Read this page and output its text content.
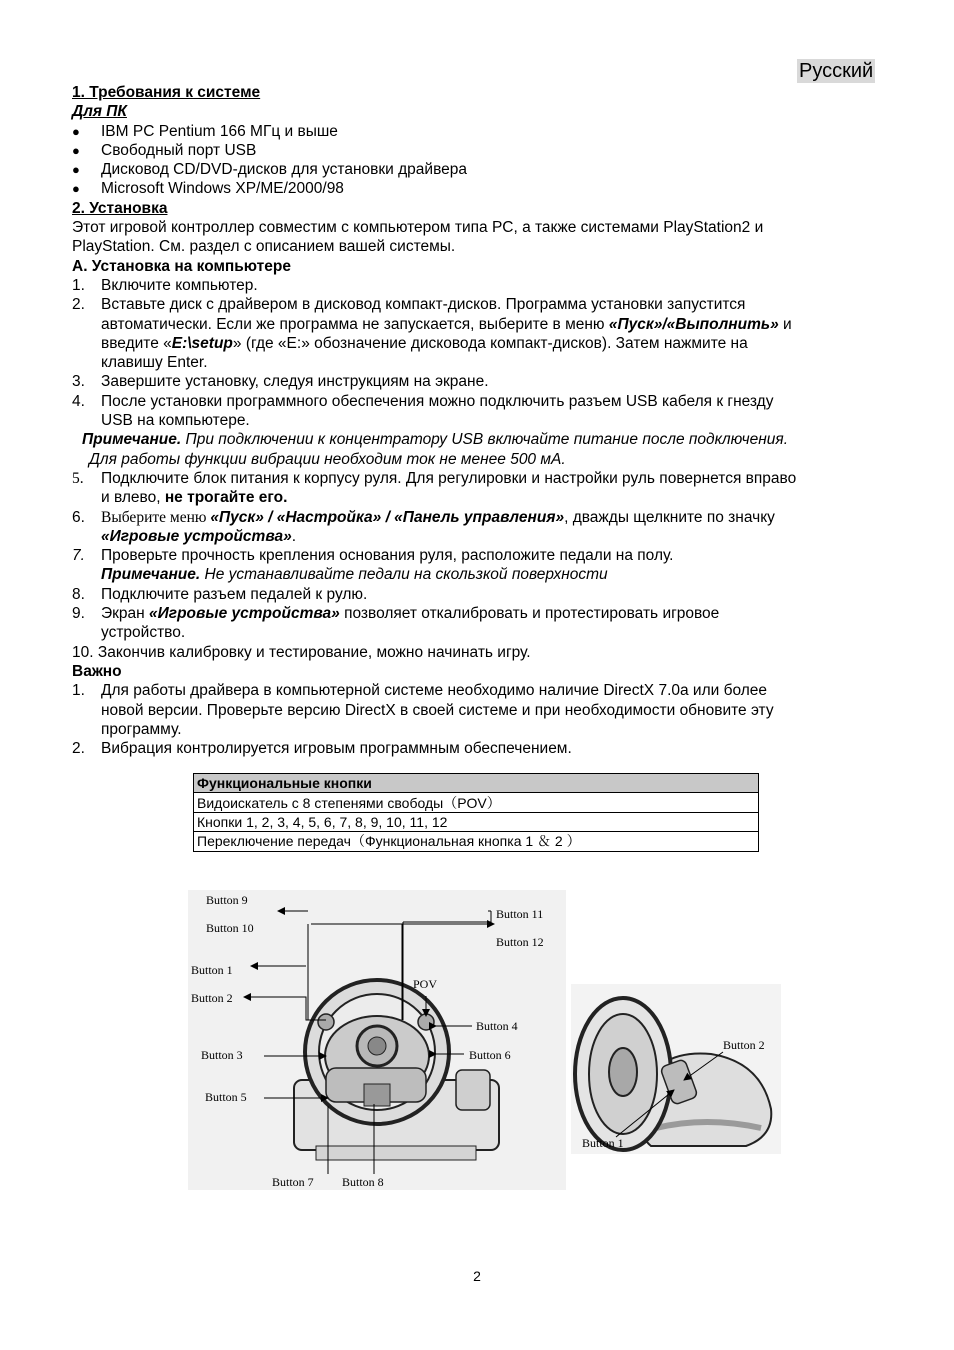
Русский
1. Требования к системе
Для ПК
●	IBM PC Pentium 166 МГц и выше
●	Свободный порт USB
●	Дисковод CD/DVD-дисков для установки драйвера
●	Microsoft Windows XP/ME/2000/98
2. Установка
Этот игровой контроллер совместим с компьютером типа PC, а также системами PlayStation2 и
PlayStation. См. раздел с описанием вашей системы.
A. Установка на компьютере
1.	Включите компьютер.
2.	Вставьте диск с драйвером в дисковод компакт-дисков. Программа установки запустится
автоматически. Если же программа не запускается, выберите в меню «Пуск»/«Выполнить» и
введите «E:\setup» (где «E:» обозначение дисковода компакт-дисков). Затем нажмите на
клавишу Enter.
3.	Завершите установку, следуя инструкциям на экране.
4.	После установки программного обеспечения можно подключить разъем USB кабеля к гнезду
USB на компьютере.
Примечание. При подключении к концентратору USB включайте питание после подключения.
Для работы функции вибрации необходим ток не менее 500 мА.
5.	Подключите блок питания к корпусу руля. Для регулировки и настройки руль повернется вправо
и влево, не трогайте его.
6.	Выберите меню «Пуск» / «Настройка» / «Панель управления», дважды щелкните по значку
«Игровые устройства».
7.	Проверьте прочность крепления основания руля, расположите педали на полу.
Примечание. Не устанавливайте педали на скользкой поверхности
8.	Подключите разъем педалей к рулю.
9.	Экран «Игровые устройства» позволяет откалибровать и протестировать игровое
устройство.
10. Закончив калибровку и тестирование, можно начинать игру.
Важно
1.	Для работы драйвера в компьютерной системе необходимо наличие DirectX 7.0a или более
новой версии. Проверьте версию DirectX в своей системе и при необходимости обновите эту
программу.
2.	Вибрация контролируется игровым программным обеспечением.
Функциональные кнопки
Видоискатель с 8 степенями свободы（POV）
Кнопки 1, 2, 3, 4, 5, 6, 7, 8, 9, 10, 11, 12
Переключение передач（Функциональная кнопка 1 ＆ 2 ）
Button 9
Button 10
Button 11
Button 12
Button 1
Button 2
POV
Button 4
Button 3	Button 6
Button 5
Button 7 Button 8
Button 2
Button 1
2
